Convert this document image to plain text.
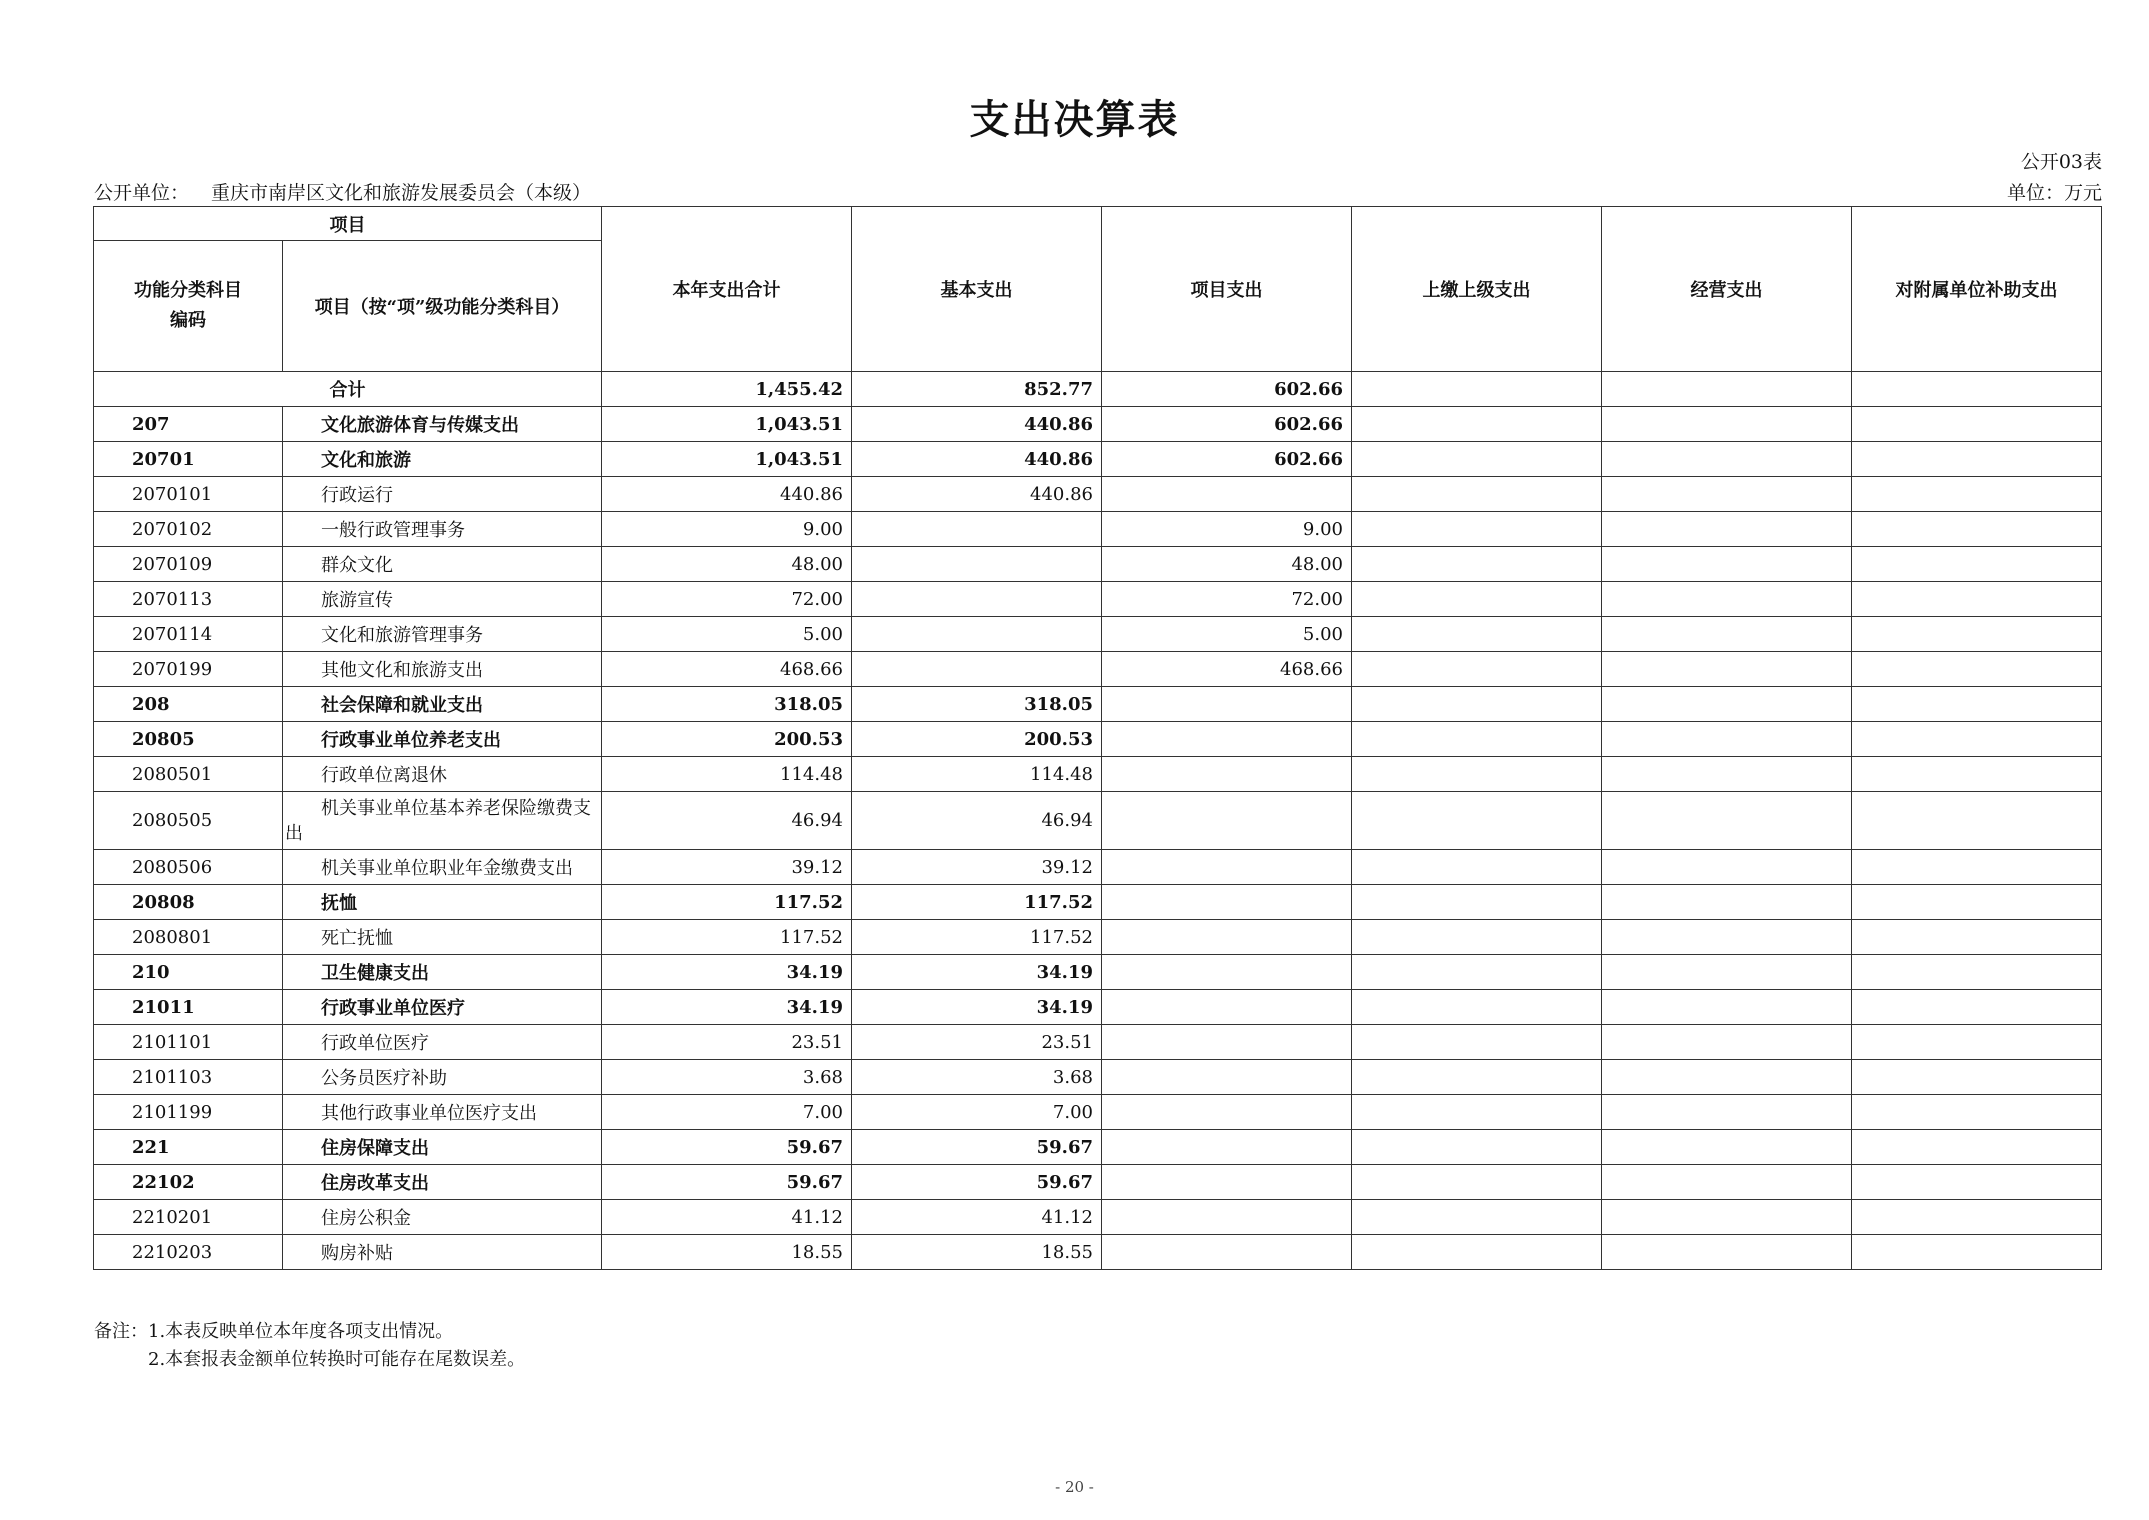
支出决算表
公开03表
公开单位： 重庆市南岸区文化和旅游发展委员会（本级）	单位：万元
项目		本年支出合计	基本支出	项目支出	上缴上级支出	经营支出	对附属单位补助支出
功能分类科目编码	项目（按“项”级功能分类科目）						
合计		1,455.42	852.77	602.66			
207	文化旅游体育与传媒支出	1,043.51	440.86	602.66			
20701	文化和旅游	1,043.51	440.86	602.66			
2070101	行政运行	440.86	440.86				
2070102	一般行政管理事务	9.00		9.00			
2070109	群众文化	48.00		48.00			
2070113	旅游宣传	72.00		72.00			
2070114	文化和旅游管理事务	5.00		5.00			
2070199	其他文化和旅游支出	468.66		468.66			
208	社会保障和就业支出	318.05	318.05				
20805	行政事业单位养老支出	200.53	200.53				
2080501	行政单位离退休	114.48	114.48				
2080505	机关事业单位基本养老保险缴费支出	46.94	46.94				
2080506	机关事业单位职业年金缴费支出	39.12	39.12				
20808	抚恤	117.52	117.52				
2080801	死亡抚恤	117.52	117.52				
210	卫生健康支出	34.19	34.19				
21011	行政事业单位医疗	34.19	34.19				
2101101	行政单位医疗	23.51	23.51				
2101103	公务员医疗补助	3.68	3.68				
2101199	其他行政事业单位医疗支出	7.00	7.00				
221	住房保障支出	59.67	59.67				
22102	住房改革支出	59.67	59.67				
2210201	住房公积金	41.12	41.12				
2210203	购房补贴	18.55	18.55				
备注：1.本表反映单位本年度各项支出情况。
2.本套报表金额单位转换时可能存在尾数误差。
- 20 -
